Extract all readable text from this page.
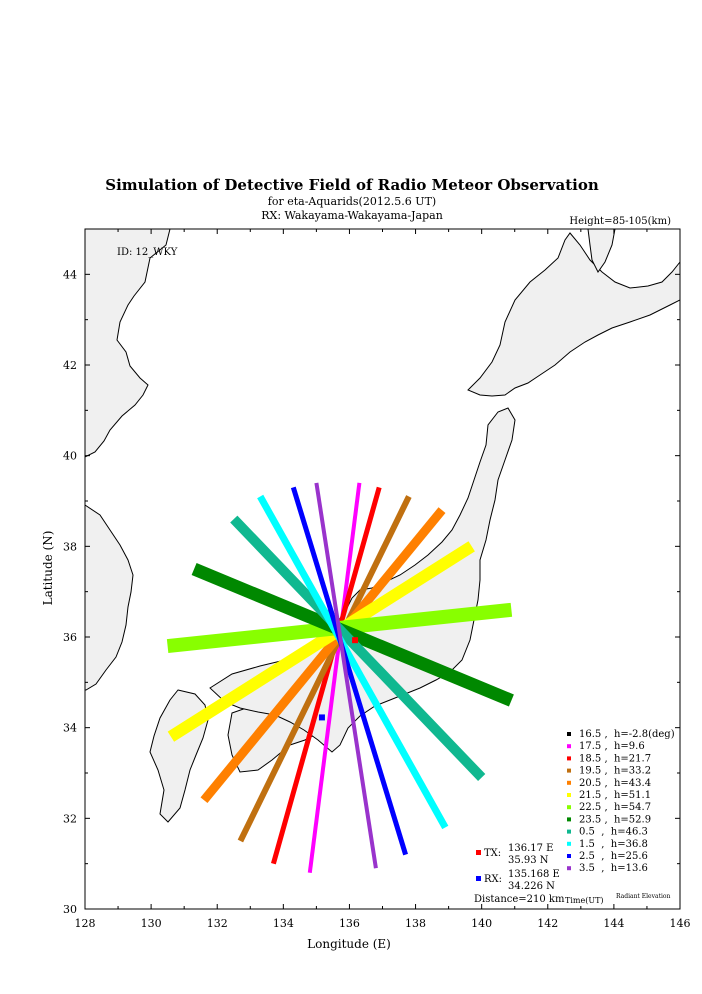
Simulation of Detective Field of Radio Meteor Observation
for eta-Aquarids(2012.5.6 UT)
RX: Wakayama-Wakayama-Japan	Height=85-105(km)
128	130	132	134	136	138	140	142	144	146
30
32
34
36
38
40
42
44
Longitude (E)
Latitude (N)
ID: 12_WKY
16.5 ,  h=-2.8(deg)
17.5 ,  h=9.6
18.5 ,  h=21.7
19.5 ,  h=33.2
20.5 ,  h=43.4
21.5 ,  h=51.1
22.5 ,  h=54.7
23.5 ,  h=52.9
0.5  ,  h=46.3
1.5  ,  h=36.8
2.5  ,  h=25.6
3.5  ,  h=13.6
TX: 136.17 E
35.93 N
RX: 135.168 E
34.226 N
Distance=210 km Time(UT) Radiant Elevation
